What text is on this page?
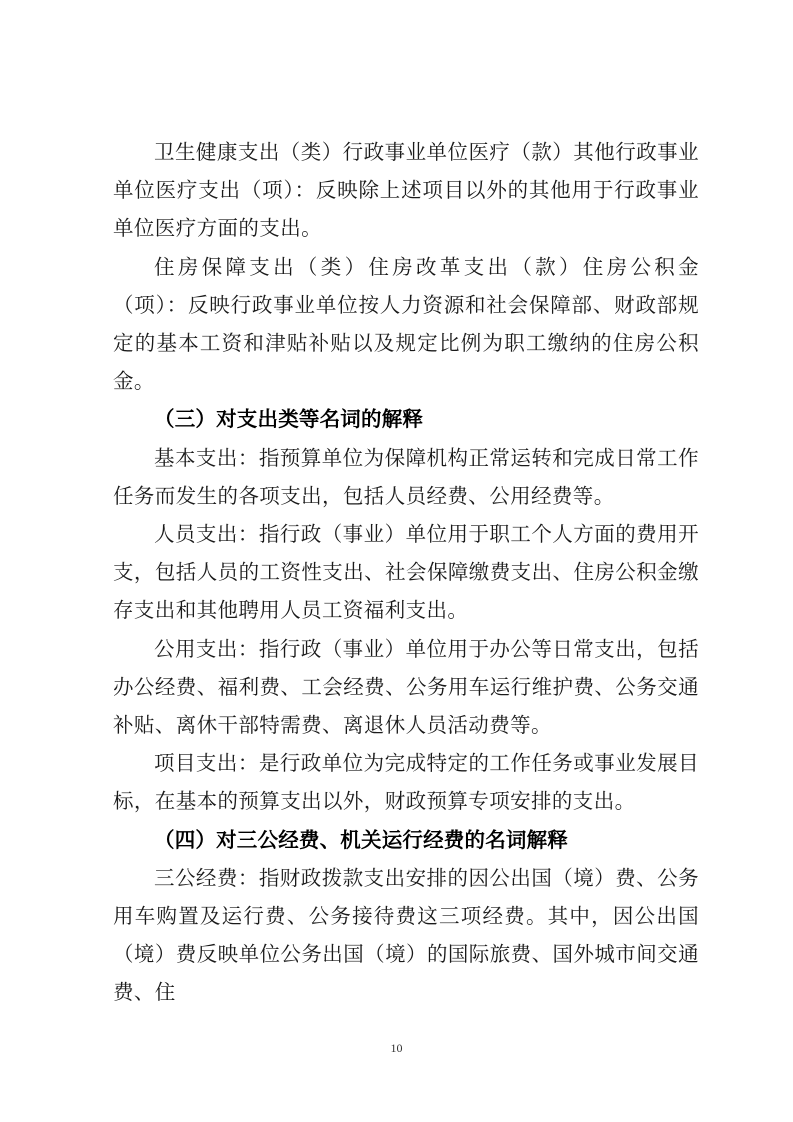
卫生健康支出（类）行政事业单位医疗（款）其他行政事业单位医疗支出（项）：反映除上述项目以外的其他用于行政事业单位医疗方面的支出。

住房保障支出（类）住房改革支出（款）住房公积金（项）：反映行政事业单位按人力资源和社会保障部、财政部规定的基本工资和津贴补贴以及规定比例为职工缴纳的住房公积金。

（三）对支出类等名词的解释

基本支出：指预算单位为保障机构正常运转和完成日常工作任务而发生的各项支出，包括人员经费、公用经费等。

人员支出：指行政（事业）单位用于职工个人方面的费用开支，包括人员的工资性支出、社会保障缴费支出、住房公积金缴存支出和其他聘用人员工资福利支出。

公用支出：指行政（事业）单位用于办公等日常支出，包括办公经费、福利费、工会经费、公务用车运行维护费、公务交通补贴、离休干部特需费、离退休人员活动费等。

项目支出：是行政单位为完成特定的工作任务或事业发展目标，在基本的预算支出以外，财政预算专项安排的支出。

（四）对三公经费、机关运行经费的名词解释

三公经费：指财政拨款支出安排的因公出国（境）费、公务用车购置及运行费、公务接待费这三项经费。其中，因公出国（境）费反映单位公务出国（境）的国际旅费、国外城市间交通费、住

10
